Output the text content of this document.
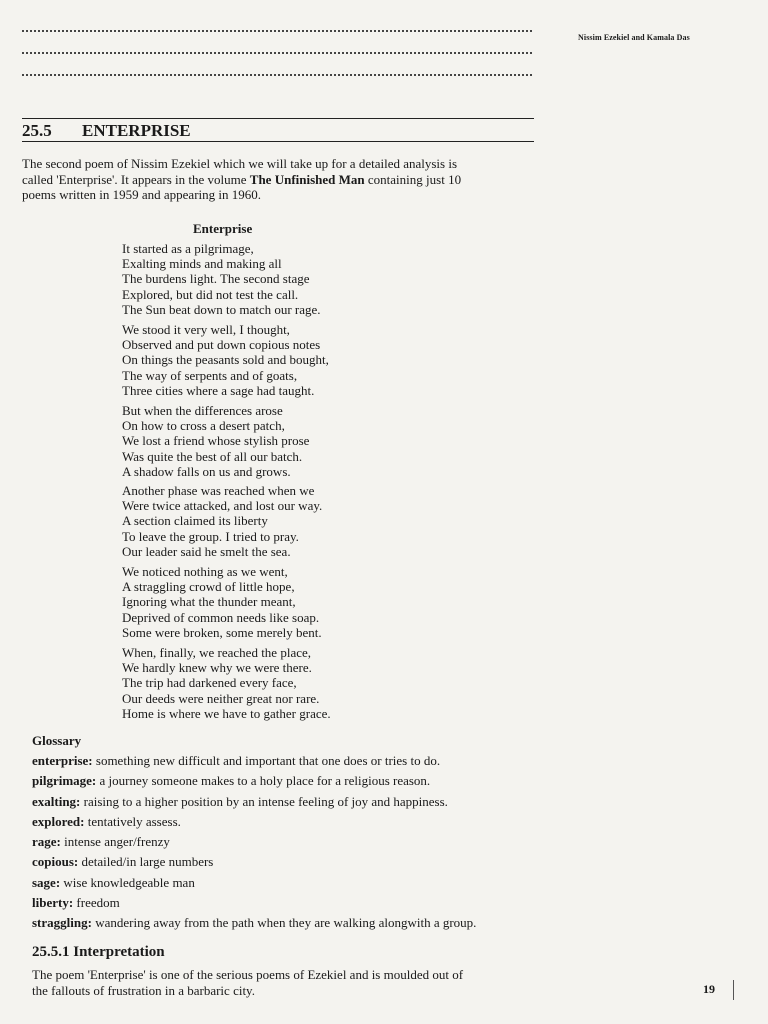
Nissim Ezekiel and Kamala Das
25.5 ENTERPRISE
The second poem of Nissim Ezekiel which we will take up for a detailed analysis is
called 'Enterprise'. It appears in the volume The Unfinished Man containing just 10
poems written in 1959 and appearing in 1960.
Enterprise
It started as a pilgrimage,
Exalting minds and making all
The burdens light. The second stage
Explored, but did not test the call.
The Sun beat down to match our rage.
We stood it very well, I thought,
Observed and put down copious notes
On things the peasants sold and bought,
The way of serpents and of goats,
Three cities where a sage had taught.
But when the differences arose
On how to cross a desert patch,
We lost a friend whose stylish prose
Was quite the best of all our batch.
A shadow falls on us and grows.
Another phase was reached when we
Were twice attacked, and lost our way.
A section claimed its liberty
To leave the group. I tried to pray.
Our leader said he smelt the sea.
We noticed nothing as we went,
A straggling crowd of little hope,
Ignoring what the thunder meant,
Deprived of common needs like soap.
Some were broken, some merely bent.
When, finally, we reached the place,
We hardly knew why we were there.
The trip had darkened every face,
Our deeds were neither great nor rare.
Home is where we have to gather grace.
Glossary
enterprise: something new difficult and important that one does or tries to do.
pilgrimage: a journey someone makes to a holy place for a religious reason.
exalting: raising to a higher position by an intense feeling of joy and happiness.
explored: tentatively assess.
rage: intense anger/frenzy
copious: detailed/in large numbers
sage: wise knowledgeable man
liberty: freedom
straggling: wandering away from the path when they are walking alongwith a group.
25.5.1 Interpretation
The poem 'Enterprise' is one of the serious poems of Ezekiel and is moulded out of
the fallouts of frustration in a barbaric city.	19
